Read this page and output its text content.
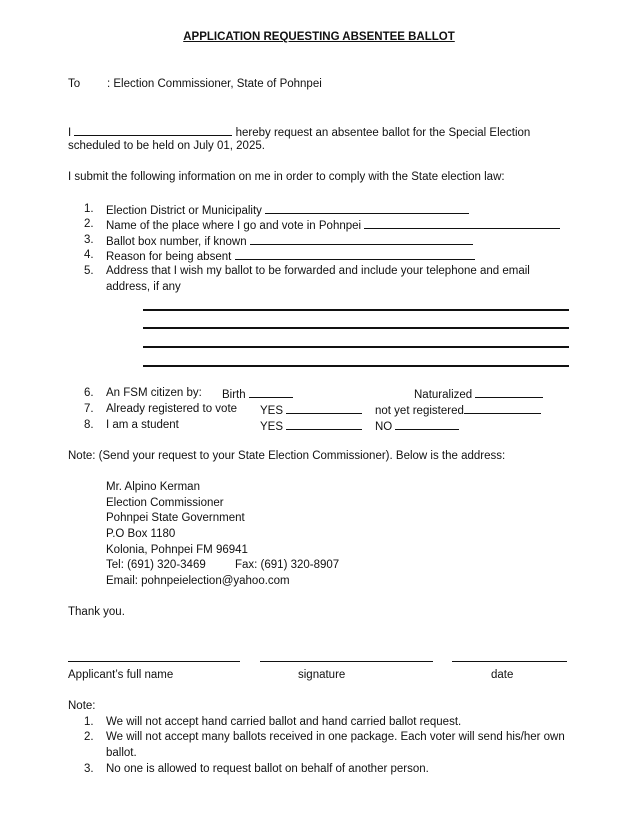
APPLICATION REQUESTING ABSENTEE BALLOT
To : Election Commissioner, State of Pohnpei
I	hereby request an absentee ballot for the Special Election
scheduled to be held on July 01, 2025.
I submit the following information on me in order to comply with the State election law:
1. Election District or Municipality
2. Name of the place where I go and vote in Pohnpei
3. Ballot box number, if known
4. Reason for being absent
5. Address that I wish my ballot to be forwarded and include your telephone and email
address, if any
6. An FSM citizen by: Birth	Naturalized
7. Already registered to vote YES	not yet registered
8. I am a student	YES	NO
Note: (Send your request to your State Election Commissioner). Below is the address:
Mr. Alpino Kerman
Election Commissioner
Pohnpei State Government
P.O Box 1180
Kolonia, Pohnpei FM 96941
Tel: (691) 320-3469	Fax: (691) 320-8907
Email: pohnpeielection@yahoo.com
Thank you.
Applicant’s full name	signature	date
Note:
1. We will not accept hand carried ballot and hand carried ballot request.
2. We will not accept many ballots received in one package. Each voter will send his/her own
ballot.
3. No one is allowed to request ballot on behalf of another person.
